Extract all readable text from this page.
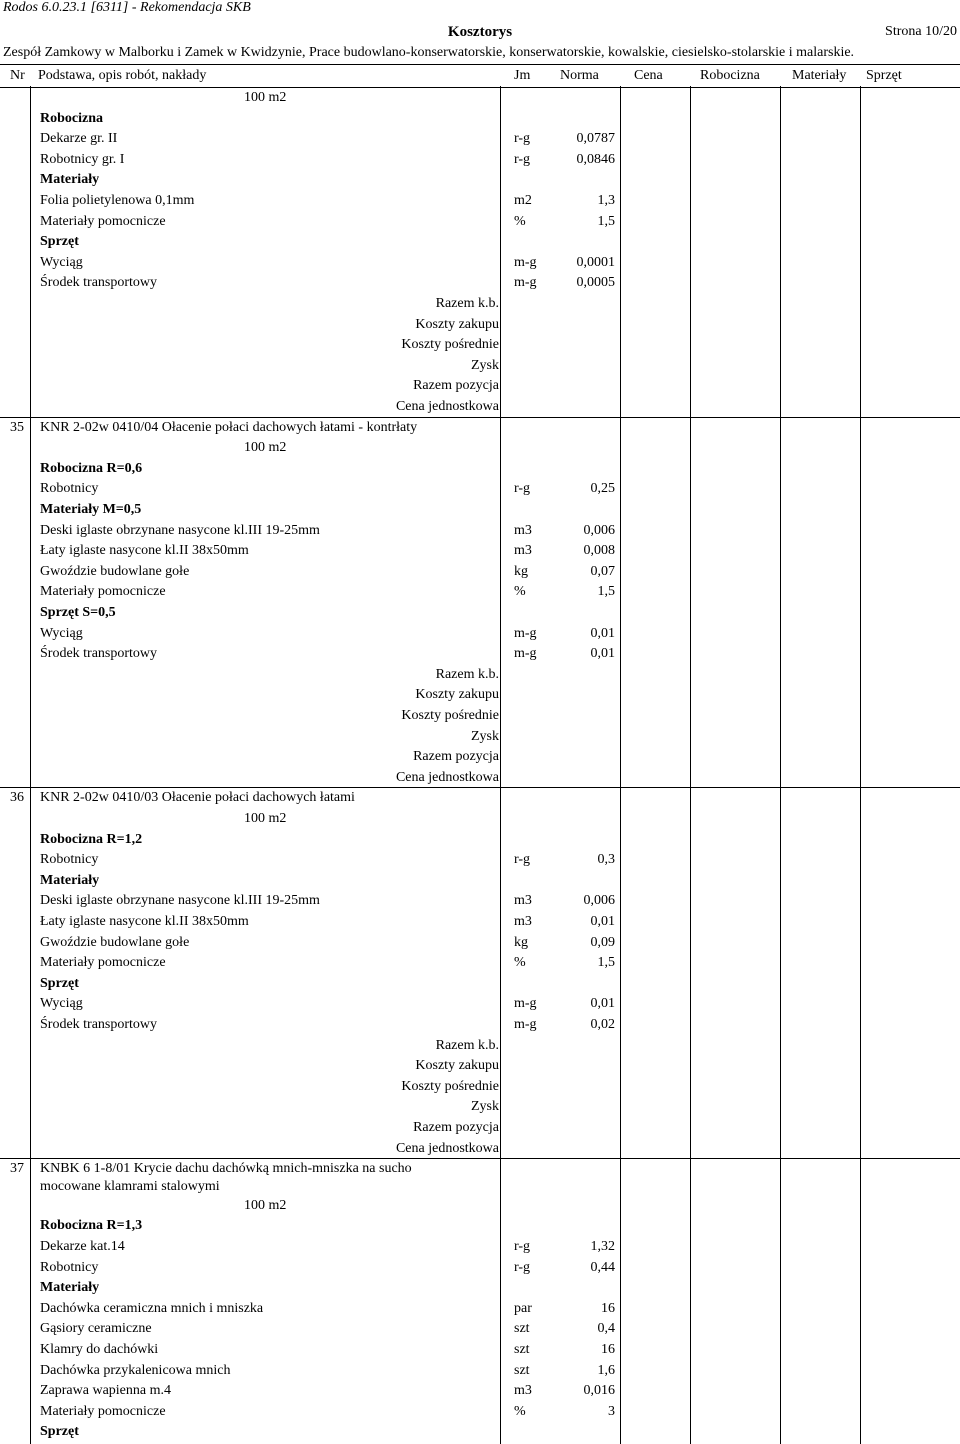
Rodos 6.0.23.1 [6311] - Rekomendacja SKB
Kosztorys	Strona 10/20
Zespół Zamkowy w Malborku i Zamek w Kwidzynie, Prace budowlano-konserwatorskie, konserwatorskie, kowalskie, ciesielsko-stolarskie i malarskie.
Nr Podstawa, opis robót, nakłady	Jm Norma	Cena	Robocizna Materiały Sprzęt
100 m2
Robocizna
Dekarze gr. II	r-g	0,0787
Robotnicy gr. I	r-g	0,0846
Materiały
Folia polietylenowa 0,1mm	m2	1,3
Materiały pomocnicze	%	1,5
Sprzęt
Wyciąg	m-g	0,0001
Środek transportowy	m-g	0,0005
Razem k.b.
Koszty zakupu
Koszty pośrednie
Zysk
Razem pozycja
Cena jednostkowa
35 KNR 2-02w 0410/04 Ołacenie połaci dachowych łatami - kontrłaty
100 m2
Robocizna R=0,6
Robotnicy	r-g	0,25
Materiały M=0,5
Deski iglaste obrzynane nasycone kl.III 19-25mm	m3	0,006
Łaty iglaste nasycone kl.II 38x50mm	m3	0,008
Gwoździe budowlane gołe	kg	0,07
Materiały pomocnicze	%	1,5
Sprzęt S=0,5
Wyciąg	m-g	0,01
Środek transportowy	m-g	0,01
Razem k.b.
Koszty zakupu
Koszty pośrednie
Zysk
Razem pozycja
Cena jednostkowa
36 KNR 2-02w 0410/03 Ołacenie połaci dachowych łatami
100 m2
Robocizna R=1,2
Robotnicy	r-g	0,3
Materiały
Deski iglaste obrzynane nasycone kl.III 19-25mm	m3	0,006
Łaty iglaste nasycone kl.II 38x50mm	m3	0,01
Gwoździe budowlane gołe	kg	0,09
Materiały pomocnicze	%	1,5
Sprzęt
Wyciąg	m-g	0,01
Środek transportowy	m-g	0,02
Razem k.b.
Koszty zakupu
Koszty pośrednie
Zysk
Razem pozycja
Cena jednostkowa
37 KNBK 6 1-8/01 Krycie dachu dachówką mnich-mniszka na sucho
mocowane klamrami stalowymi
100 m2
Robocizna R=1,3
Dekarze kat.14	r-g	1,32
Robotnicy	r-g	0,44
Materiały
Dachówka ceramiczna mnich i mniszka	par	16
Gąsiory ceramiczne	szt	0,4
Klamry do dachówki	szt	16
Dachówka przykalenicowa mnich	szt	1,6
Zaprawa wapienna m.4	m3	0,016
Materiały pomocnicze	%	3
Sprzęt
